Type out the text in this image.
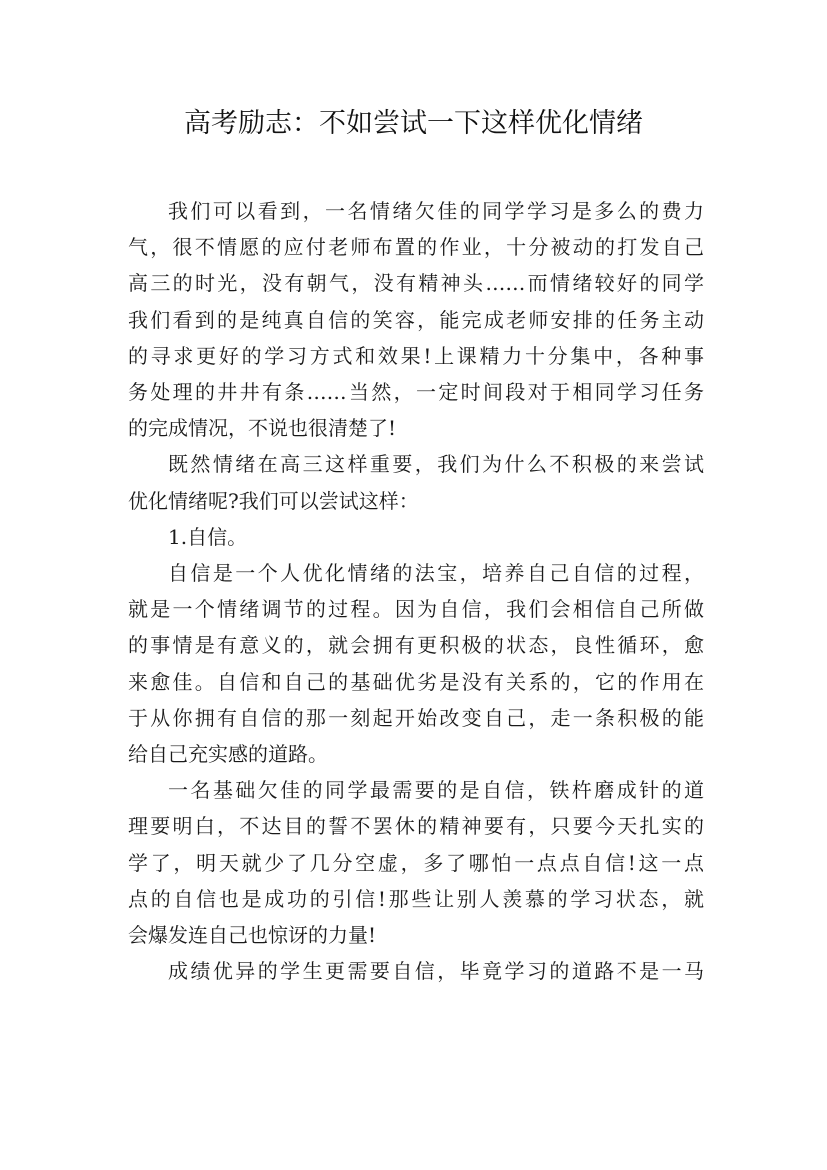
高考励志：不如尝试一下这样优化情绪

我们可以看到，一名情绪欠佳的同学学习是多么的费力
气，很不情愿的应付老师布置的作业，十分被动的打发自己
高三的时光，没有朝气，没有精神头……而情绪较好的同学
我们看到的是纯真自信的笑容，能完成老师安排的任务主动
的寻求更好的学习方式和效果!上课精力十分集中，各种事
务处理的井井有条……当然，一定时间段对于相同学习任务
的完成情况，不说也很清楚了!

既然情绪在高三这样重要，我们为什么不积极的来尝试
优化情绪呢?我们可以尝试这样：

1.自信。

自信是一个人优化情绪的法宝，培养自己自信的过程，
就是一个情绪调节的过程。因为自信，我们会相信自己所做
的事情是有意义的，就会拥有更积极的状态，良性循环，愈
来愈佳。自信和自己的基础优劣是没有关系的，它的作用在
于从你拥有自信的那一刻起开始改变自己，走一条积极的能
给自己充实感的道路。

一名基础欠佳的同学最需要的是自信，铁杵磨成针的道
理要明白，不达目的誓不罢休的精神要有，只要今天扎实的
学了，明天就少了几分空虚，多了哪怕一点点自信!这一点
点的自信也是成功的引信!那些让别人羡慕的学习状态，就
会爆发连自己也惊讶的力量!

成绩优异的学生更需要自信，毕竟学习的道路不是一马
